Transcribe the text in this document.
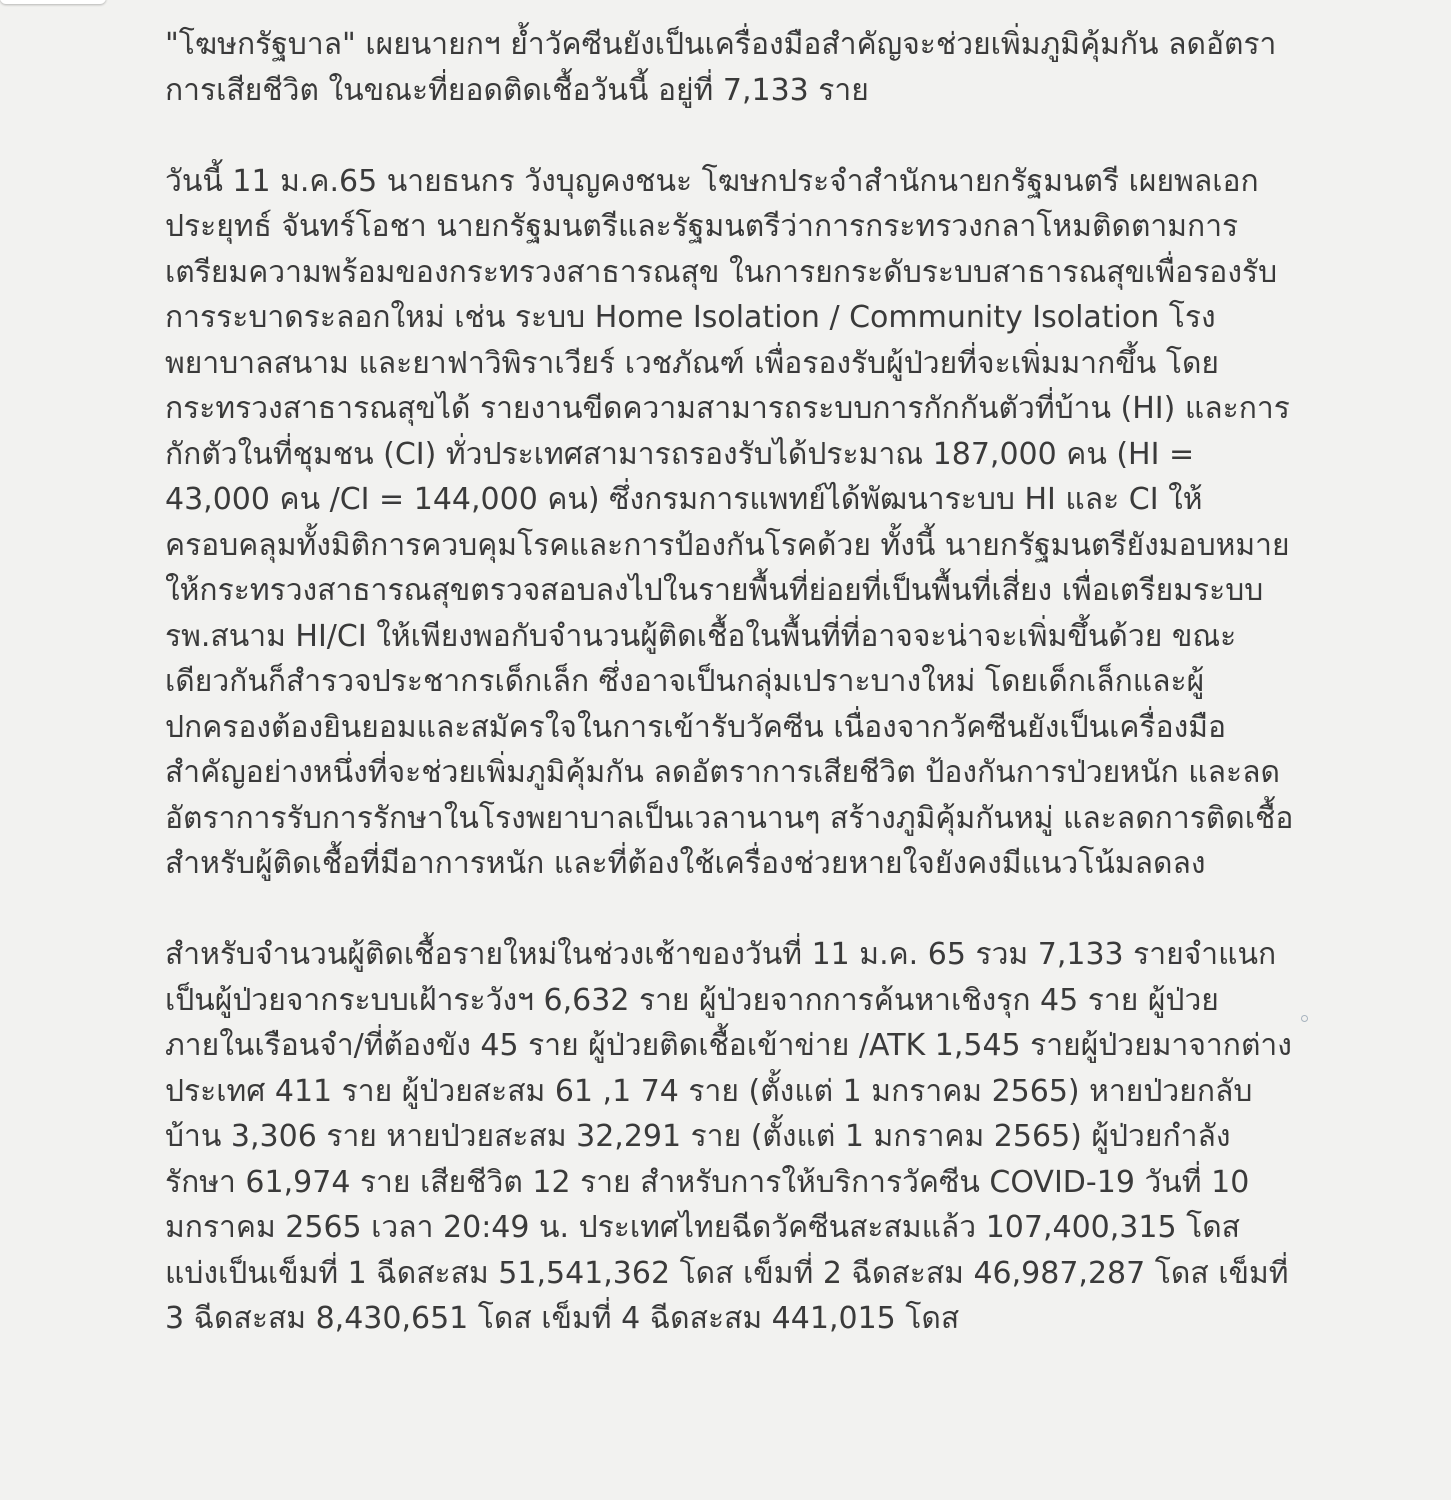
"โฆษกรัฐบาล" เผยนายกฯ ย้ำวัคซีนยังเป็นเครื่องมือสำคัญจะช่วยเพิ่มภูมิคุ้มกัน ลดอัตราการเสียชีวิต ในขณะที่ยอดติดเชื้อวันนี้ อยู่ที่ 7,133 ราย

วันนี้ 11 ม.ค.65 นายธนกร วังบุญคงชนะ โฆษกประจำสำนักนายกรัฐมนตรี เผยพลเอก ประยุทธ์ จันทร์โอชา นายกรัฐมนตรีและรัฐมนตรีว่าการกระทรวงกลาโหมติดตามการ เตรียมความพร้อมของกระทรวงสาธารณสุข ในการยกระดับระบบสาธารณสุขเพื่อรองรับการระบาดระลอกใหม่ เช่น ระบบ Home Isolation / Community Isolation โรงพยาบาลสนาม และยาฟาวิพิราเวียร์ เวชภัณฑ์ เพื่อรองรับผู้ป่วยที่จะเพิ่มมากขึ้น โดยกระทรวงสาธารณสุขได้ รายงานขีดความสามารถระบบการกักกันตัวที่บ้าน (HI) และการกักตัวในที่ชุมชน (CI) ทั่วประเทศสามารถรองรับได้ประมาณ 187,000 คน (HI = 43,000 คน /CI = 144,000 คน) ซึ่งกรมการแพทย์ได้พัฒนาระบบ HI และ CI ให้ครอบคลุมทั้งมิติการควบคุมโรคและการป้องกันโรคด้วย ทั้งนี้ นายกรัฐมนตรียังมอบหมายให้กระทรวงสาธารณสุขตรวจสอบลงไปในรายพื้นที่ย่อยที่เป็นพื้นที่เสี่ยง เพื่อเตรียมระบบ รพ.สนาม HI/CI ให้เพียงพอกับจำนวนผู้ติดเชื้อในพื้นที่ที่อาจจะน่าจะเพิ่มขึ้นด้วย ขณะเดียวกันก็สำรวจประชากรเด็กเล็ก ซึ่งอาจเป็นกลุ่มเปราะบางใหม่ โดยเด็กเล็กและผู้ปกครองต้องยินยอมและสมัครใจในการเข้ารับวัคซีน เนื่องจากวัคซีนยังเป็นเครื่องมือสำคัญอย่างหนึ่งที่จะช่วยเพิ่มภูมิคุ้มกัน ลดอัตราการเสียชีวิต ป้องกันการป่วยหนัก และลดอัตราการรับการรักษาในโรงพยาบาลเป็นเวลานานๆ สร้างภูมิคุ้มกันหมู่ และลดการติดเชื้อ สำหรับผู้ติดเชื้อที่มีอาการหนัก และที่ต้องใช้เครื่องช่วยหายใจยังคงมีแนวโน้มลดลง

สำหรับจำนวนผู้ติดเชื้อรายใหม่ในช่วงเช้าของวันที่ 11 ม.ค. 65 รวม 7,133 รายจำแนกเป็นผู้ป่วยจากระบบเฝ้าระวังฯ 6,632 ราย ผู้ป่วยจากการค้นหาเชิงรุก 45 ราย ผู้ป่วยภายในเรือนจำ/ที่ต้องขัง 45 ราย ผู้ป่วยติดเชื้อเข้าข่าย /ATK 1,545 รายผู้ป่วยมาจากต่างประเทศ 411 ราย ผู้ป่วยสะสม 61 ,1 74 ราย (ตั้งแต่ 1 มกราคม 2565) หายป่วยกลับบ้าน 3,306 ราย หายป่วยสะสม 32,291 ราย (ตั้งแต่ 1 มกราคม 2565) ผู้ป่วยกำลังรักษา 61,974 ราย เสียชีวิต 12 ราย สำหรับการให้บริการวัคซีน COVID-19 วันที่ 10 มกราคม 2565 เวลา 20:49 น. ประเทศไทยฉีดวัคซีนสะสมแล้ว 107,400,315 โดส แบ่งเป็นเข็มที่ 1 ฉีดสะสม 51,541,362 โดส เข็มที่ 2 ฉีดสะสม 46,987,287 โดส เข็มที่ 3 ฉีดสะสม 8,430,651 โดส เข็มที่ 4 ฉีดสะสม 441,015 โดส
